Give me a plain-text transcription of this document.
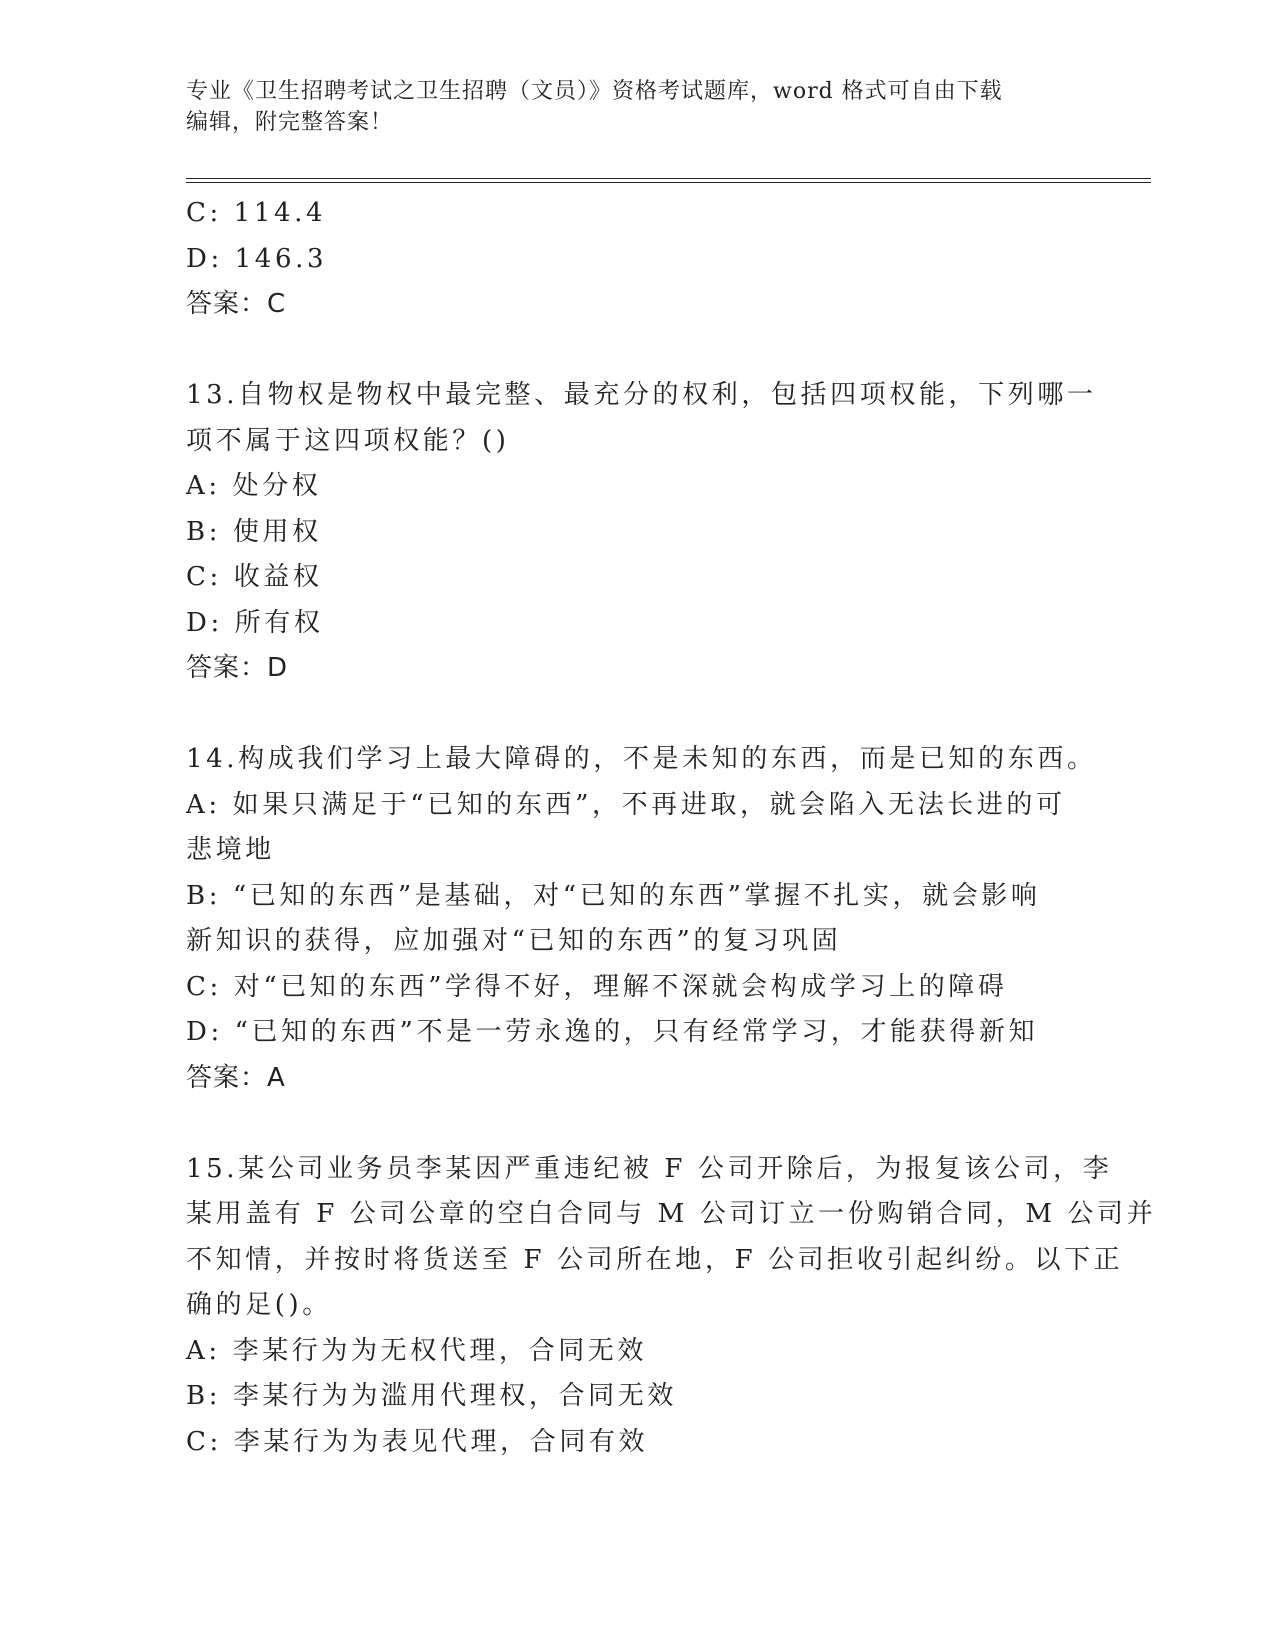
专业《卫生招聘考试之卫生招聘（文员）》资格考试题库，word 格式可自由下载
编辑，附完整答案！
C: 114.4
D: 146.3
答案：C
13.自物权是物权中最完整、最充分的权利，包括四项权能，下列哪一
项不属于这四项权能？()
A: 处分权
B: 使用权
C: 收益权
D: 所有权
答案：D
14.构成我们学习上最大障碍的，不是未知的东西，而是已知的东西。
A: 如果只满足于“已知的东西”，不再进取，就会陷入无法长进的可
悲境地
B: “已知的东西”是基础，对“已知的东西”掌握不扎实，就会影响
新知识的获得，应加强对“已知的东西”的复习巩固
C: 对“已知的东西”学得不好，理解不深就会构成学习上的障碍
D: “已知的东西”不是一劳永逸的，只有经常学习，才能获得新知
答案：A
15.某公司业务员李某因严重违纪被 F 公司开除后，为报复该公司，李
某用盖有 F 公司公章的空白合同与 M 公司订立一份购销合同，M 公司并
不知情，并按时将货送至 F 公司所在地，F 公司拒收引起纠纷。以下正
确的足()。
A: 李某行为为无权代理，合同无效
B: 李某行为为滥用代理权，合同无效
C: 李某行为为表见代理，合同有效
